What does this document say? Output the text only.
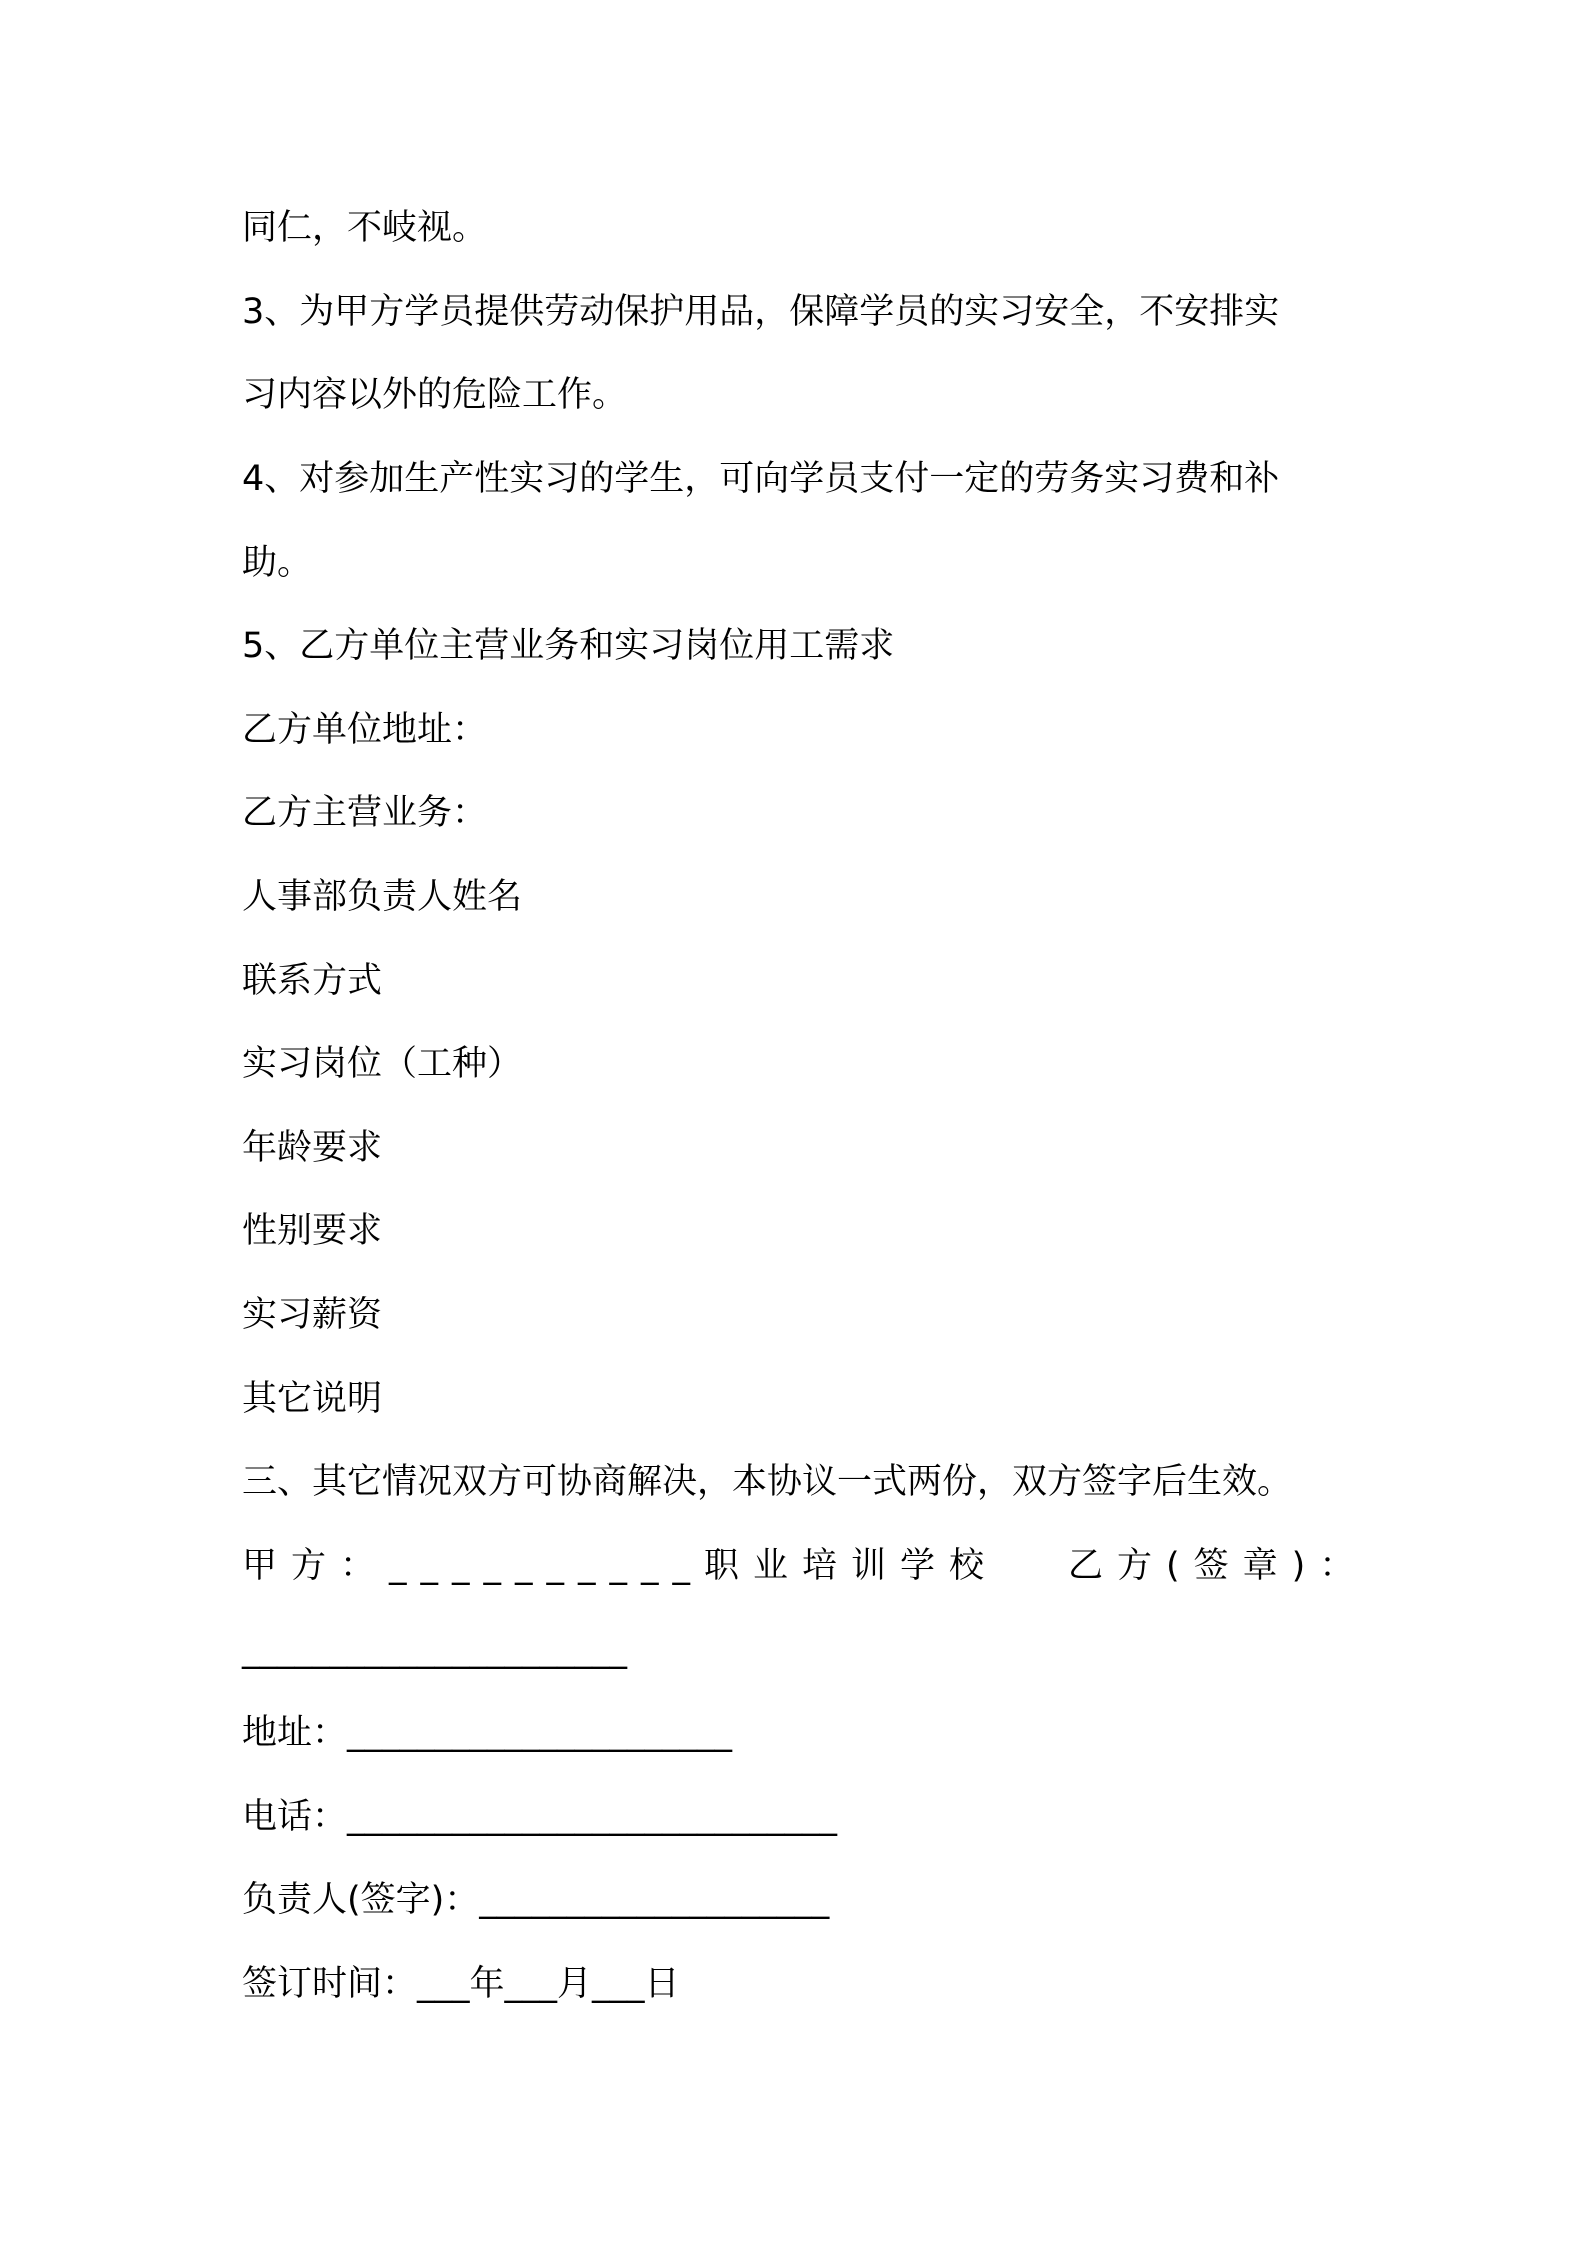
同仁，不岐视。
3、为甲方学员提供劳动保护用品，保障学员的实习安全，不安排实
习内容以外的危险工作。
4、对参加生产性实习的学生，可向学员支付一定的劳务实习费和补
助。
5、乙方单位主营业务和实习岗位用工需求
乙方单位地址：
乙方主营业务：
人事部负责人姓名
联系方式
实习岗位（工种）
年龄要求
性别要求
实习薪资
其它说明
三、其它情况双方可协商解决，本协议一式两份，双方签字后生效。
甲方：__________职业培训学校 乙方(签章)：
______________________
地址：______________________
电话：____________________________
负责人(签字)：____________________
签订时间：___年___月___日
